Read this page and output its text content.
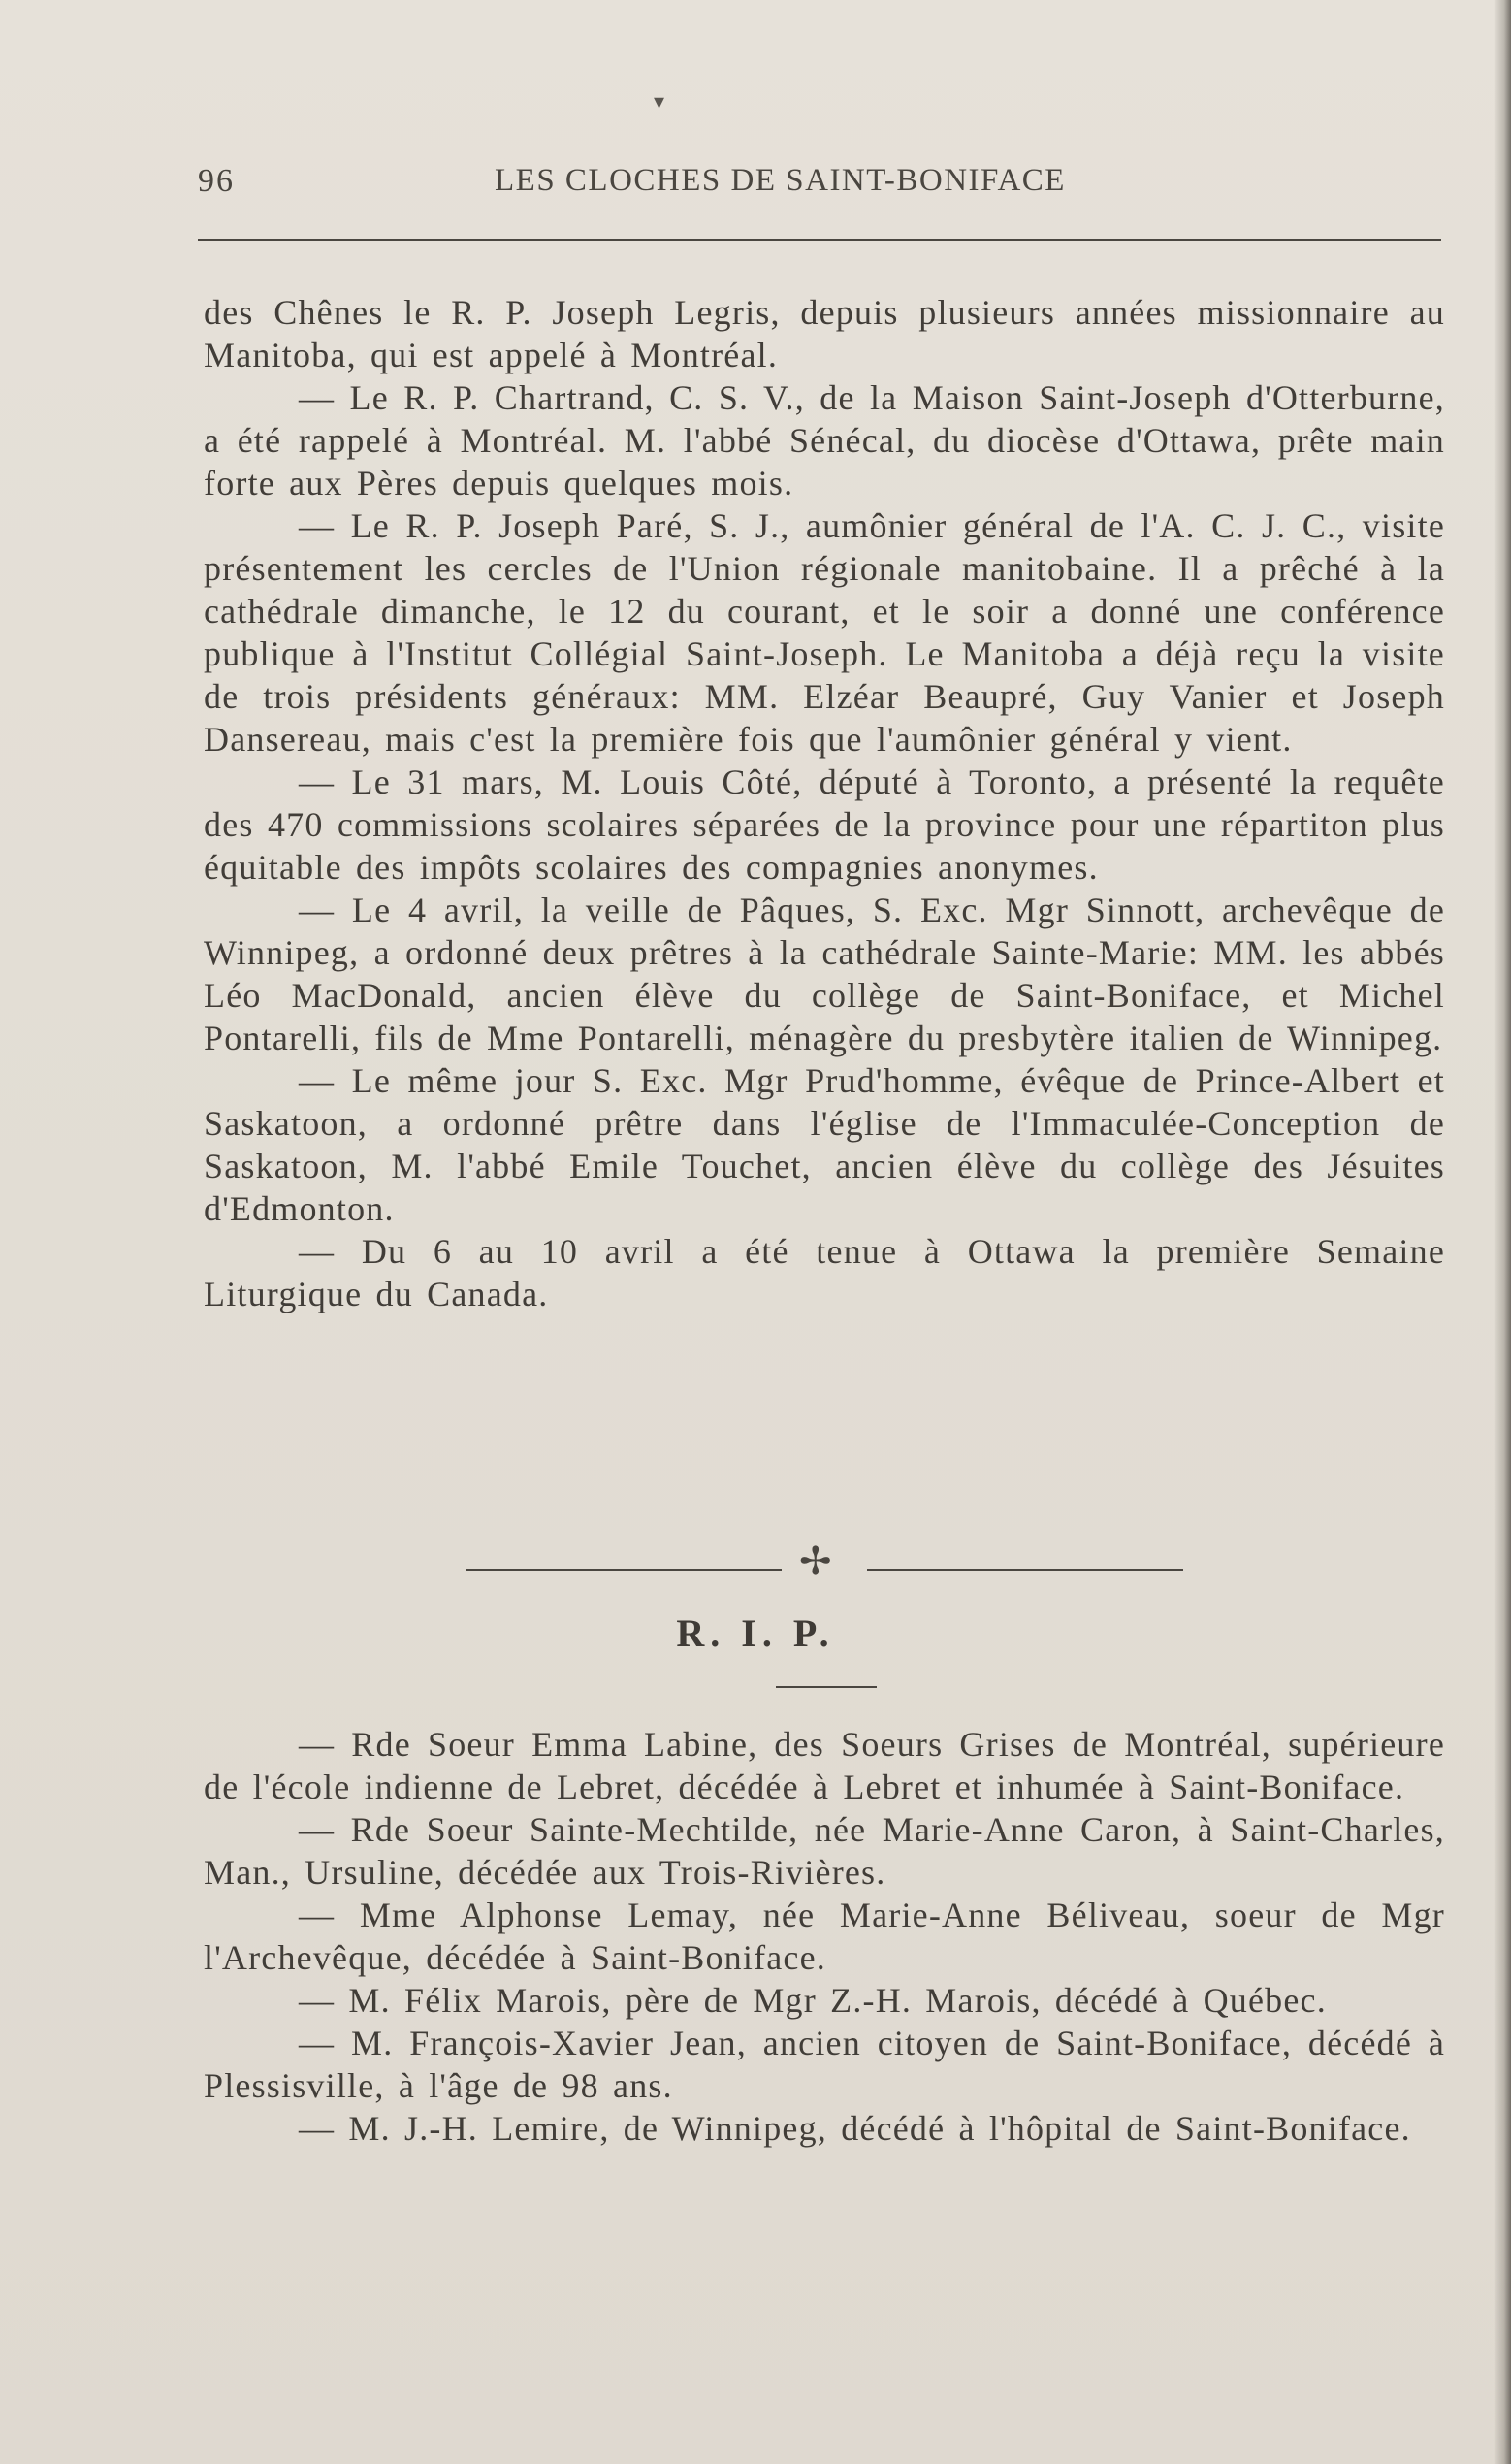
▾
96	LES CLOCHES DE SAINT-BONIFACE

des Chênes le R. P. Joseph Legris, depuis plusieurs années missionnaire au Manitoba, qui est appelé à Montréal.

— Le R. P. Chartrand, C. S. V., de la Maison Saint-Joseph d'Otterburne, a été rappelé à Montréal. M. l'abbé Sénécal, du diocèse d'Ottawa, prête main forte aux Pères depuis quelques mois.

— Le R. P. Joseph Paré, S. J., aumônier général de l'A. C. J. C., visite présentement les cercles de l'Union régionale manitobaine. Il a prêché à la cathédrale dimanche, le 12 du courant, et le soir a donné une conférence publique à l'Institut Collégial Saint-Joseph. Le Manitoba a déjà reçu la visite de trois présidents généraux: MM. Elzéar Beaupré, Guy Vanier et Joseph Dansereau, mais c'est la première fois que l'aumônier général y vient.

— Le 31 mars, M. Louis Côté, député à Toronto, a présenté la requête des 470 commissions scolaires séparées de la province pour une répartiton plus équitable des impôts scolaires des compagnies anonymes.

— Le 4 avril, la veille de Pâques, S. Exc. Mgr Sinnott, archevêque de Winnipeg, a ordonné deux prêtres à la cathédrale Sainte-Marie: MM. les abbés Léo MacDonald, ancien élève du collège de Saint-Boniface, et Michel Pontarelli, fils de Mme Pontarelli, ménagère du presbytère italien de Winnipeg.

— Le même jour S. Exc. Mgr Prud'homme, évêque de Prince-Albert et Saskatoon, a ordonné prêtre dans l'église de l'Immaculée-Conception de Saskatoon, M. l'abbé Emile Touchet, ancien élève du collège des Jésuites d'Edmonton.

— Du 6 au 10 avril a été tenue à Ottawa la première Semaine Liturgique du Canada.

✢
R. I. P.

— Rde Soeur Emma Labine, des Soeurs Grises de Montréal, supérieure de l'école indienne de Lebret, décédée à Lebret et inhumée à Saint-Boniface.

— Rde Soeur Sainte-Mechtilde, née Marie-Anne Caron, à Saint-Charles, Man., Ursuline, décédée aux Trois-Rivières.

— Mme Alphonse Lemay, née Marie-Anne Béliveau, soeur de Mgr l'Archevêque, décédée à Saint-Boniface.

— M. Félix Marois, père de Mgr Z.-H. Marois, décédé à Québec.

— M. François-Xavier Jean, ancien citoyen de Saint-Boniface, décédé à Plessisville, à l'âge de 98 ans.

— M. J.-H. Lemire, de Winnipeg, décédé à l'hôpital de Saint-Boniface.
